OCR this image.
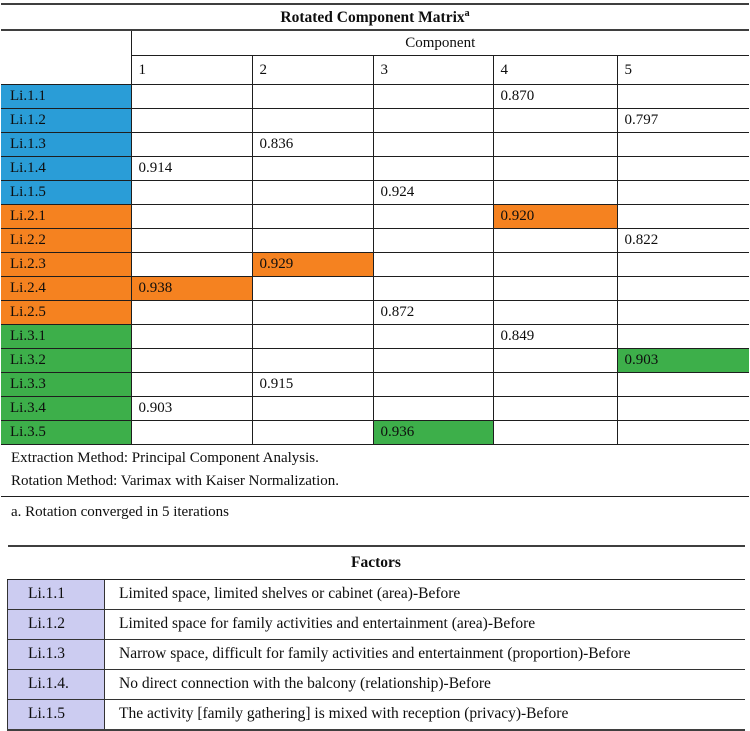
Rotated Component Matrix$^a$
	Component				
	1	2	3	4	5
Li.1.1				0.870	
Li.1.2					0.797
Li.1.3		0.836			
Li.1.4	0.914				
Li.1.5			0.924		
Li.2.1				0.920	
Li.2.2					0.822
Li.2.3		0.929			
Li.2.4	0.938				
Li.2.5			0.872		
Li.3.1				0.849	
Li.3.2					0.903
Li.3.3		0.915			
Li.3.4	0.903				
Li.3.5			0.936		

Extraction Method: Principal Component Analysis.
Rotation Method: Varimax with Kaiser Normalization.					

a. Rotation converged in 5 iterations					
Factors	
Li.1.1	Limited space, limited shelves or cabinet (area)-Before
Li.1.2	Limited space for family activities and entertainment (area)-Before
Li.1.3	Narrow space, difficult for family activities and entertainment (proportion)-Before
Li.1.4.	No direct connection with the balcony (relationship)-Before
Li.1.5	The activity [family gathering] is mixed with reception (privacy)-Before
